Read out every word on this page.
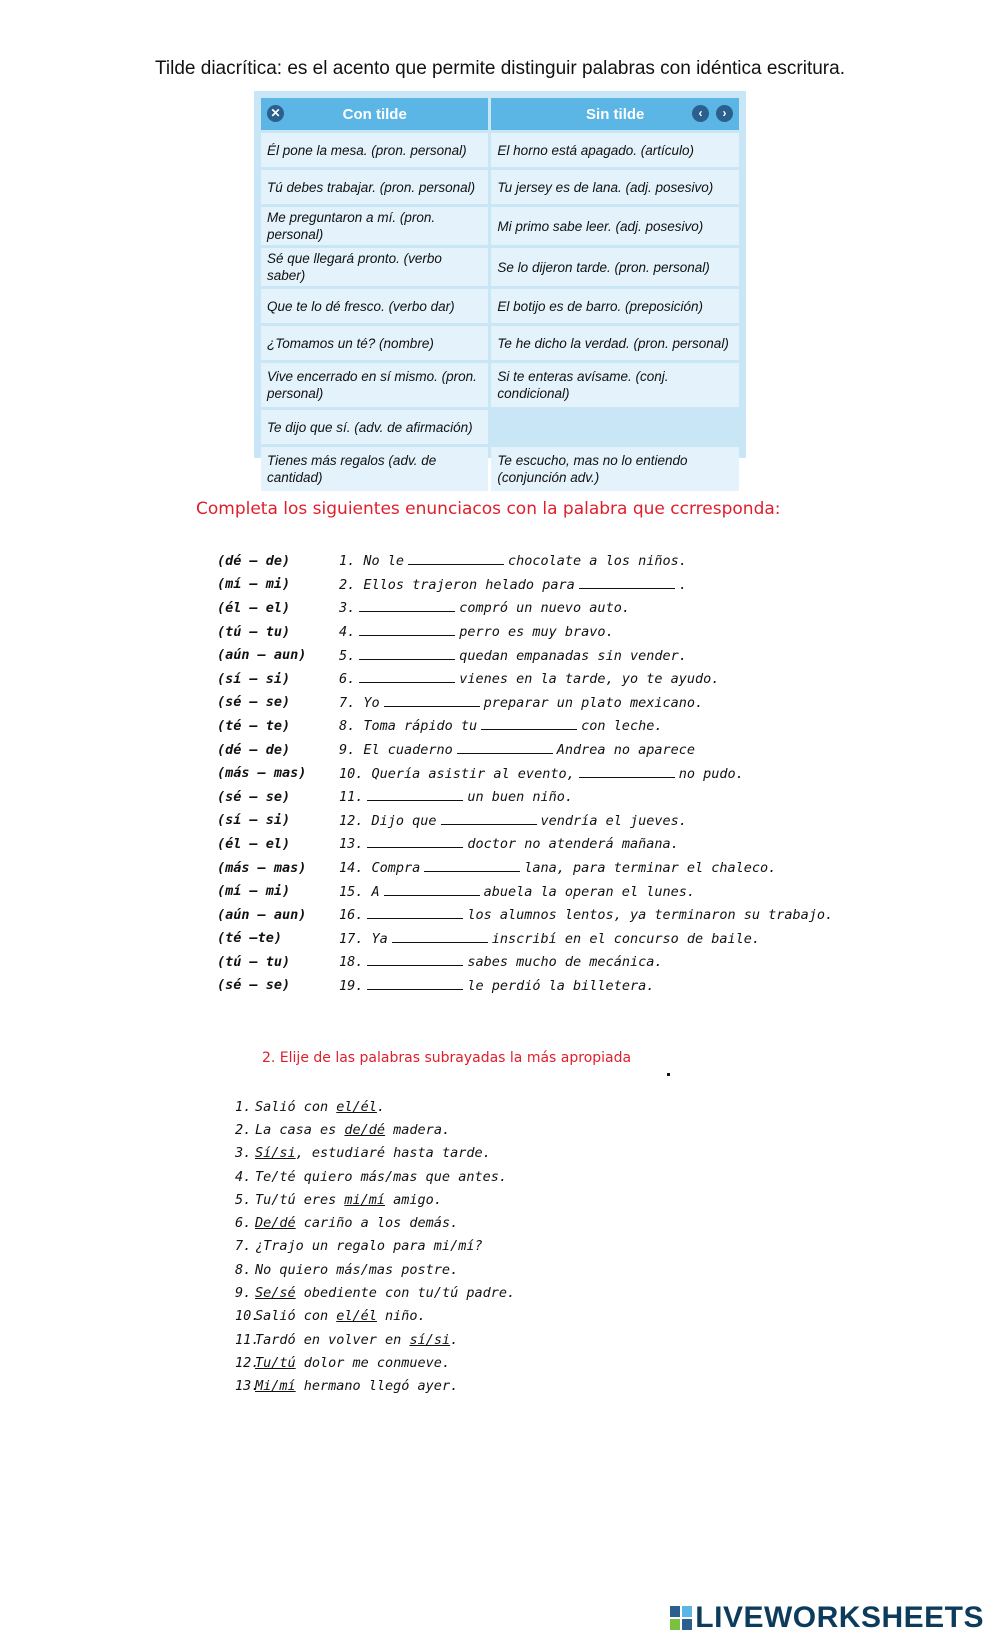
Tilde diacrítica: es el acento que permite distinguir palabras con idéntica escritura.
✕ Con tilde	Sin tilde ‹ ›

Él pone la mesa. (pron. personal)	El horno está apagado. (artículo)
Tú debes trabajar. (pron. personal)	Tu jersey es de lana. (adj. posesivo)
Me preguntaron a mí. (pron. personal)	Mi primo sabe leer. (adj. posesivo)
Sé que llegará pronto. (verbo saber)	Se lo dijeron tarde. (pron. personal)
Que te lo dé fresco. (verbo dar)	El botijo es de barro. (preposición)
¿Tomamos un té? (nombre)	Te he dicho la verdad. (pron. personal)
Vive encerrado en sí mismo. (pron. personal)	Si te enteras avísame. (conj. condicional)
Te dijo que sí. (adv. de afirmación)	
Tienes más regalos (adv. de cantidad)	Te escucho, mas no lo entiendo (conjunción adv.)
Completa los siguientes enunciacos con la palabra que ccrresponda:
(dé – de)	1. No le	chocolate a los niños.
(mí – mi)	2. Ellos trajeron helado para	.
(él – el)	3.	compró un nuevo auto.
(tú – tu)	4.	perro es muy bravo.
(aún – aun)	5.	quedan empanadas sin vender.
(sí – si)	6.	vienes en la tarde, yo te ayudo.
(sé – se)	7. Yo	preparar un plato mexicano.
(té – te)	8. Toma rápido tu	con leche.
(dé – de)	9. El cuaderno	Andrea no aparece
(más – mas)	10. Quería asistir al evento,	no pudo.
(sé – se)	11.	un buen niño.
(sí – si)	12. Dijo que	vendría el jueves.
(él – el)	13.	doctor no atenderá mañana.
(más – mas)	14. Compra	lana, para terminar el chaleco.
(mí – mi)	15. A	abuela la operan el lunes.
(aún – aun)	16.	los alumnos lentos, ya terminaron su trabajo.
(té –te)	17. Ya	inscribí en el concurso de baile.
(tú – tu)	18.	sabes mucho de mecánica.
(sé – se)	19.	le perdió la billetera.
2. Elije de las palabras subrayadas la más apropiada
1. Salió con el/él .
2. La casa es de/dé madera.
3. Sí/si , estudiaré hasta tarde.
4. Te/té quiero más/mas que antes.
5. Tu/tú eres mi/mí amigo.
6. De/dé cariño a los demás.
7. ¿Trajo un regalo para mi/mí?
8. No quiero más/mas postre.
9. Se/sé obediente con tu/tú padre.
10.
Salió con el/él niño.
11.
Tardó en volver en sí/si .
12.
Tu/tú dolor me conmueve.
13.
Mi/mí hermano llegó ayer.
LIVEWORKSHEETS
